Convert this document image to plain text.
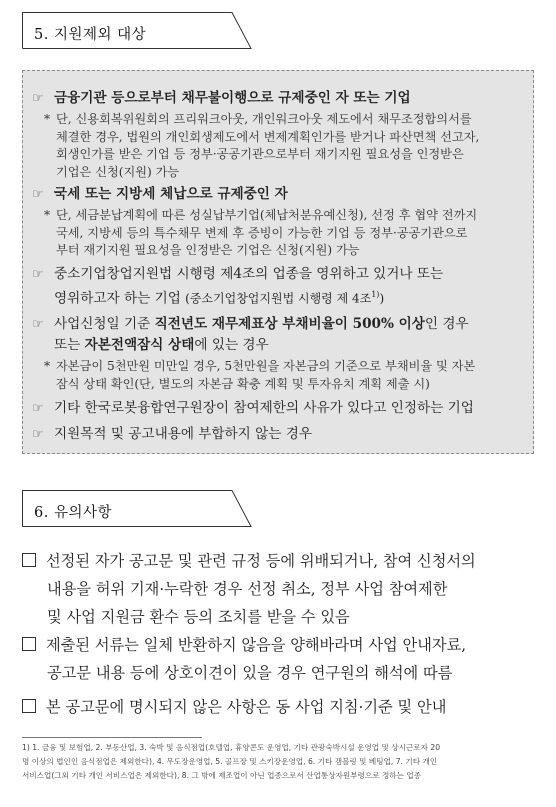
5. 지원제외 대상
☞ 금융기관 등으로부터 채무불이행으로 규제중인 자 또는 기업
* 단, 신용회복위원회의 프리워크아웃, 개인워크아웃 제도에서 채무조정합의서를
체결한 경우, 법원의 개인회생제도에서 변제계획인가를 받거나 파산면책 선고자,
회생인가를 받은 기업 등 정부·공공기관으로부터 재기지원 필요성을 인정받은
기업은 신청(지원) 가능
☞ 국세 또는 지방세 체납으로 규제중인 자
* 단, 세금분납계획에 따른 성실납부기업(체납처분유예신청), 선정 후 협약 전까지
국세, 지방세 등의 특수채무 변제 후 증빙이 가능한 기업 등 정부·공공기관으로
부터 재기지원 필요성을 인정받은 기업은 신청(지원) 가능
☞ 중소기업창업지원법 시행령 제4조의 업종을 영위하고 있거나 또는
영위하고자 하는 기업 (중소기업창업지원법 시행령 제 4조$^{1)}$)
☞ 사업신청일 기준 직전년도 재무제표상 부채비율이 500% 이상인 경우
또는 자본전액잠식 상태에 있는 경우
* 자본금이 5천만원 미만일 경우, 5천만원을 자본금의 기준으로 부채비율 및 자본
잠식 상태 확인(단, 별도의 자본금 확충 계획 및 투자유치 계획 제출 시)
☞ 기타 한국로봇융합연구원장이 참여제한의 사유가 있다고 인정하는 기업
☞ 지원목적 및 공고내용에 부합하지 않는 경우
6. 유의사항
선정된 자가 공고문 및 관련 규정 등에 위배되거나, 참여 신청서의
내용을 허위 기재·누락한 경우 선정 취소, 정부 사업 참여제한
및 사업 지원금 환수 등의 조치를 받을 수 있음
제출된 서류는 일체 반환하지 않음을 양해바라며 사업 안내자료,
공고문 내용 등에 상호이견이 있을 경우 연구원의 해석에 따름
본 공고문에 명시되지 않은 사항은 동 사업 지침·기준 및 안내
1) 1. 금융 및 보험업, 2. 부동산업, 3. 숙박 및 음식점업(호텔업, 휴양콘도 운영업, 기타 관광숙박시설 운영업 및 상시근로자 20
명 이상의 법인인 음식점업은 제외한다), 4. 무도장운영업, 5. 골프장 및 스키장운영업, 6. 기타 갬블링 및 베팅업, 7. 기타 개인
서비스업(그외 기타 개인 서비스업은 제외한다), 8. 그 밖에 제조업이 아닌 업종으로서 산업통상자원부령으로 정하는 업종
